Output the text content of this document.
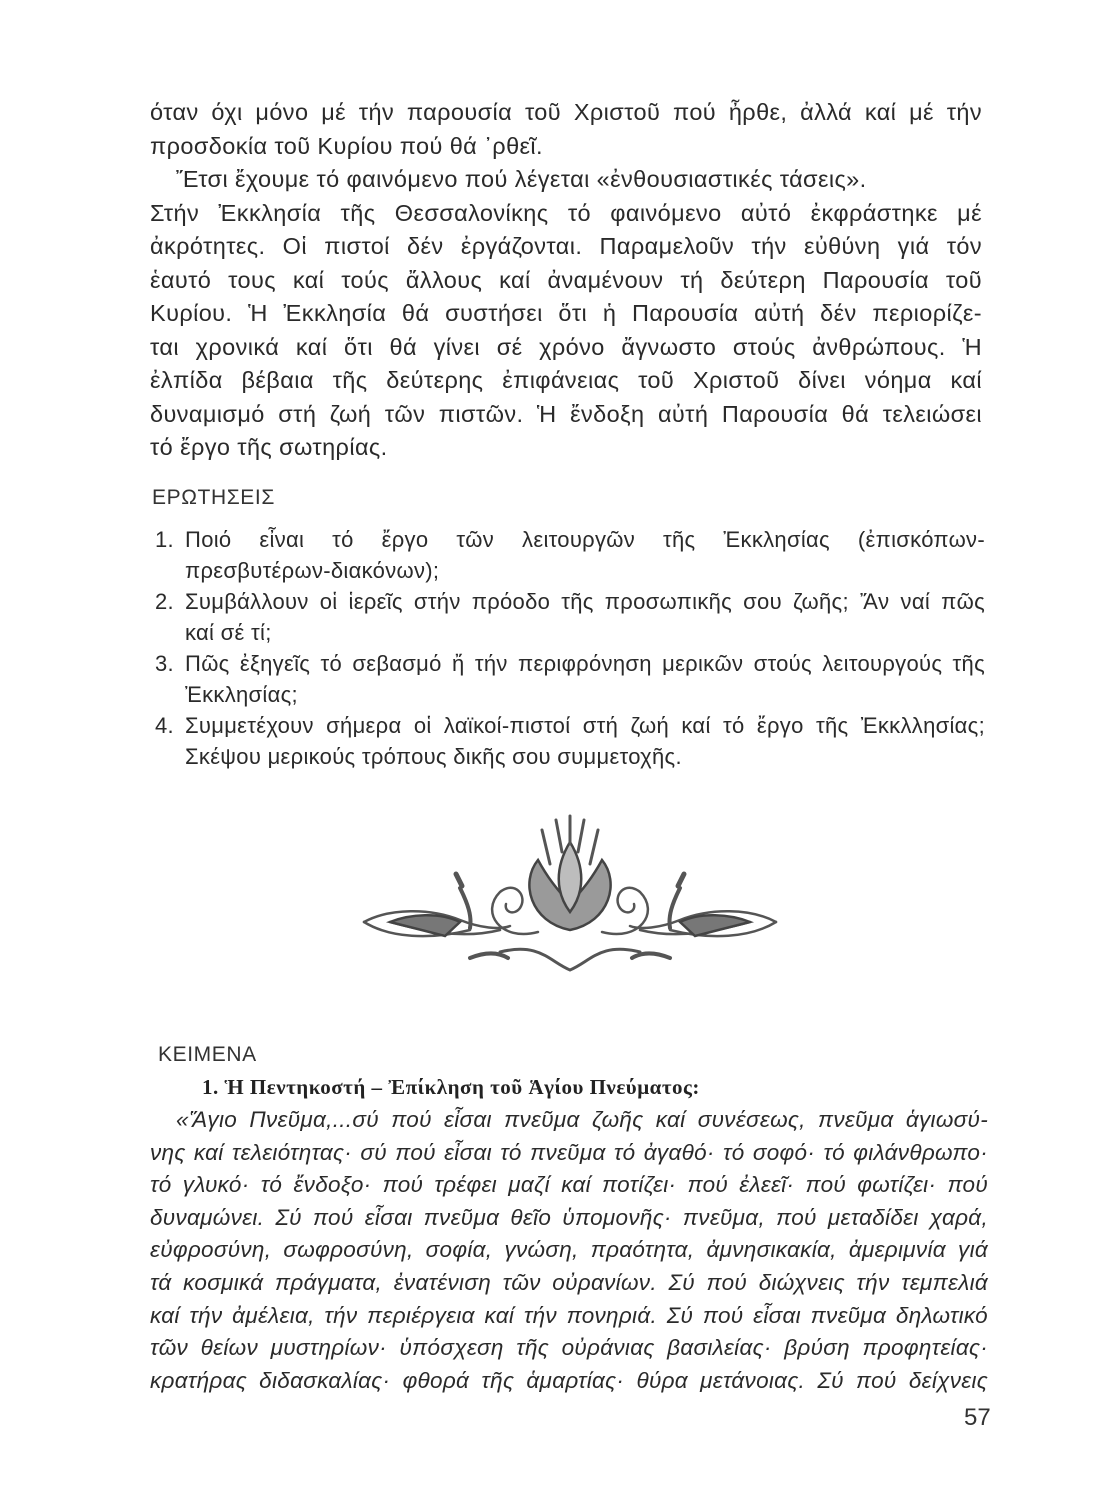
όταν όχι μόνο μέ τήν παρουσία τοῦ Χριστοῦ πού ἦρθε, ἀλλά καί μέ τήν
προσδοκία τοῦ Κυρίου πού θά ᾿ρθεῖ.
Ἔτσι ἔχουμε τό φαινόμενο πού λέγεται «ἐνθουσιαστικές τάσεις».
Στήν Ἐκκλησία τῆς Θεσσαλονίκης τό φαινόμενο αὐτό ἐκφράστηκε μέ
ἀκρότητες. Οἱ πιστοί δέν ἐργάζονται. Παραμελοῦν τήν εὐθύνη γιά τόν
ἑαυτό τους καί τούς ἄλλους καί ἀναμένουν τή δεύτερη Παρουσία τοῦ
Κυρίου. Ἡ Ἐκκλησία θά συστήσει ὅτι ἡ Παρουσία αὐτή δέν περιορίζε-
ται χρονικά καί ὅτι θά γίνει σέ χρόνο ἄγνωστο στούς ἀνθρώπους. Ἡ
ἐλπίδα βέβαια τῆς δεύτερης ἐπιφάνειας τοῦ Χριστοῦ δίνει νόημα καί
δυναμισμό στή ζωή τῶν πιστῶν. Ἡ ἔνδοξη αὐτή Παρουσία θά τελειώσει
τό ἔργο τῆς σωτηρίας.
ΕΡΩΤΗΣΕΙΣ
1. Ποιό εἶναι τό ἔργο τῶν λειτουργῶν τῆς Ἐκκλησίας (ἐπισκόπων-
πρεσβυτέρων-διακόνων);
2. Συμβάλλουν οἱ ἱερεῖς στήν πρόοδο τῆς προσωπικῆς σου ζωῆς; Ἄν ναί πῶς
καί σέ τί;
3. Πῶς ἐξηγεῖς τό σεβασμό ἤ τήν περιφρόνηση μερικῶν στούς λειτουργούς τῆς
Ἐκκλησίας;
4. Συμμετέχουν σήμερα οἱ λαϊκοί-πιστοί στή ζωή καί τό ἔργο τῆς Ἐκκλλησίας;
Σκέψου μερικούς τρόπους δικῆς σου συμμετοχῆς.
ΚΕΙΜΕΝΑ
1. Ἡ Πεντηκοστή – Ἐπίκληση τοῦ Ἁγίου Πνεύματος:
«Ἅγιο Πνεῦμα,...σύ πού εἶσαι πνεῦμα ζωῆς καί συνέσεως, πνεῦμα ἁγιωσύ-
νης καί τελειότητας· σύ πού εἶσαι τό πνεῦμα τό ἀγαθό· τό σοφό· τό φιλάνθρωπο·
τό γλυκό· τό ἔνδοξο· πού τρέφει μαζί καί ποτίζει· πού ἐλεεῖ· πού φωτίζει· πού
δυναμώνει. Σύ πού εἶσαι πνεῦμα θεῖο ὑπομονῆς· πνεῦμα, πού μεταδίδει χαρά,
εὐφροσύνη, σωφροσύνη, σοφία, γνώση, πραότητα, ἀμνησικακία, ἀμεριμνία γιά
τά κοσμικά πράγματα, ἐνατένιση τῶν οὐρανίων. Σύ πού διώχνεις τήν τεμπελιά
καί τήν ἀμέλεια, τήν περιέργεια καί τήν πονηριά. Σύ πού εἶσαι πνεῦμα δηλωτικό
τῶν θείων μυστηρίων· ὑπόσχεση τῆς οὐράνιας βασιλείας· βρύση προφητείας·
κρατήρας διδασκαλίας· φθορά τῆς ἁμαρτίας· θύρα μετάνοιας. Σύ πού δείχνεις
57
